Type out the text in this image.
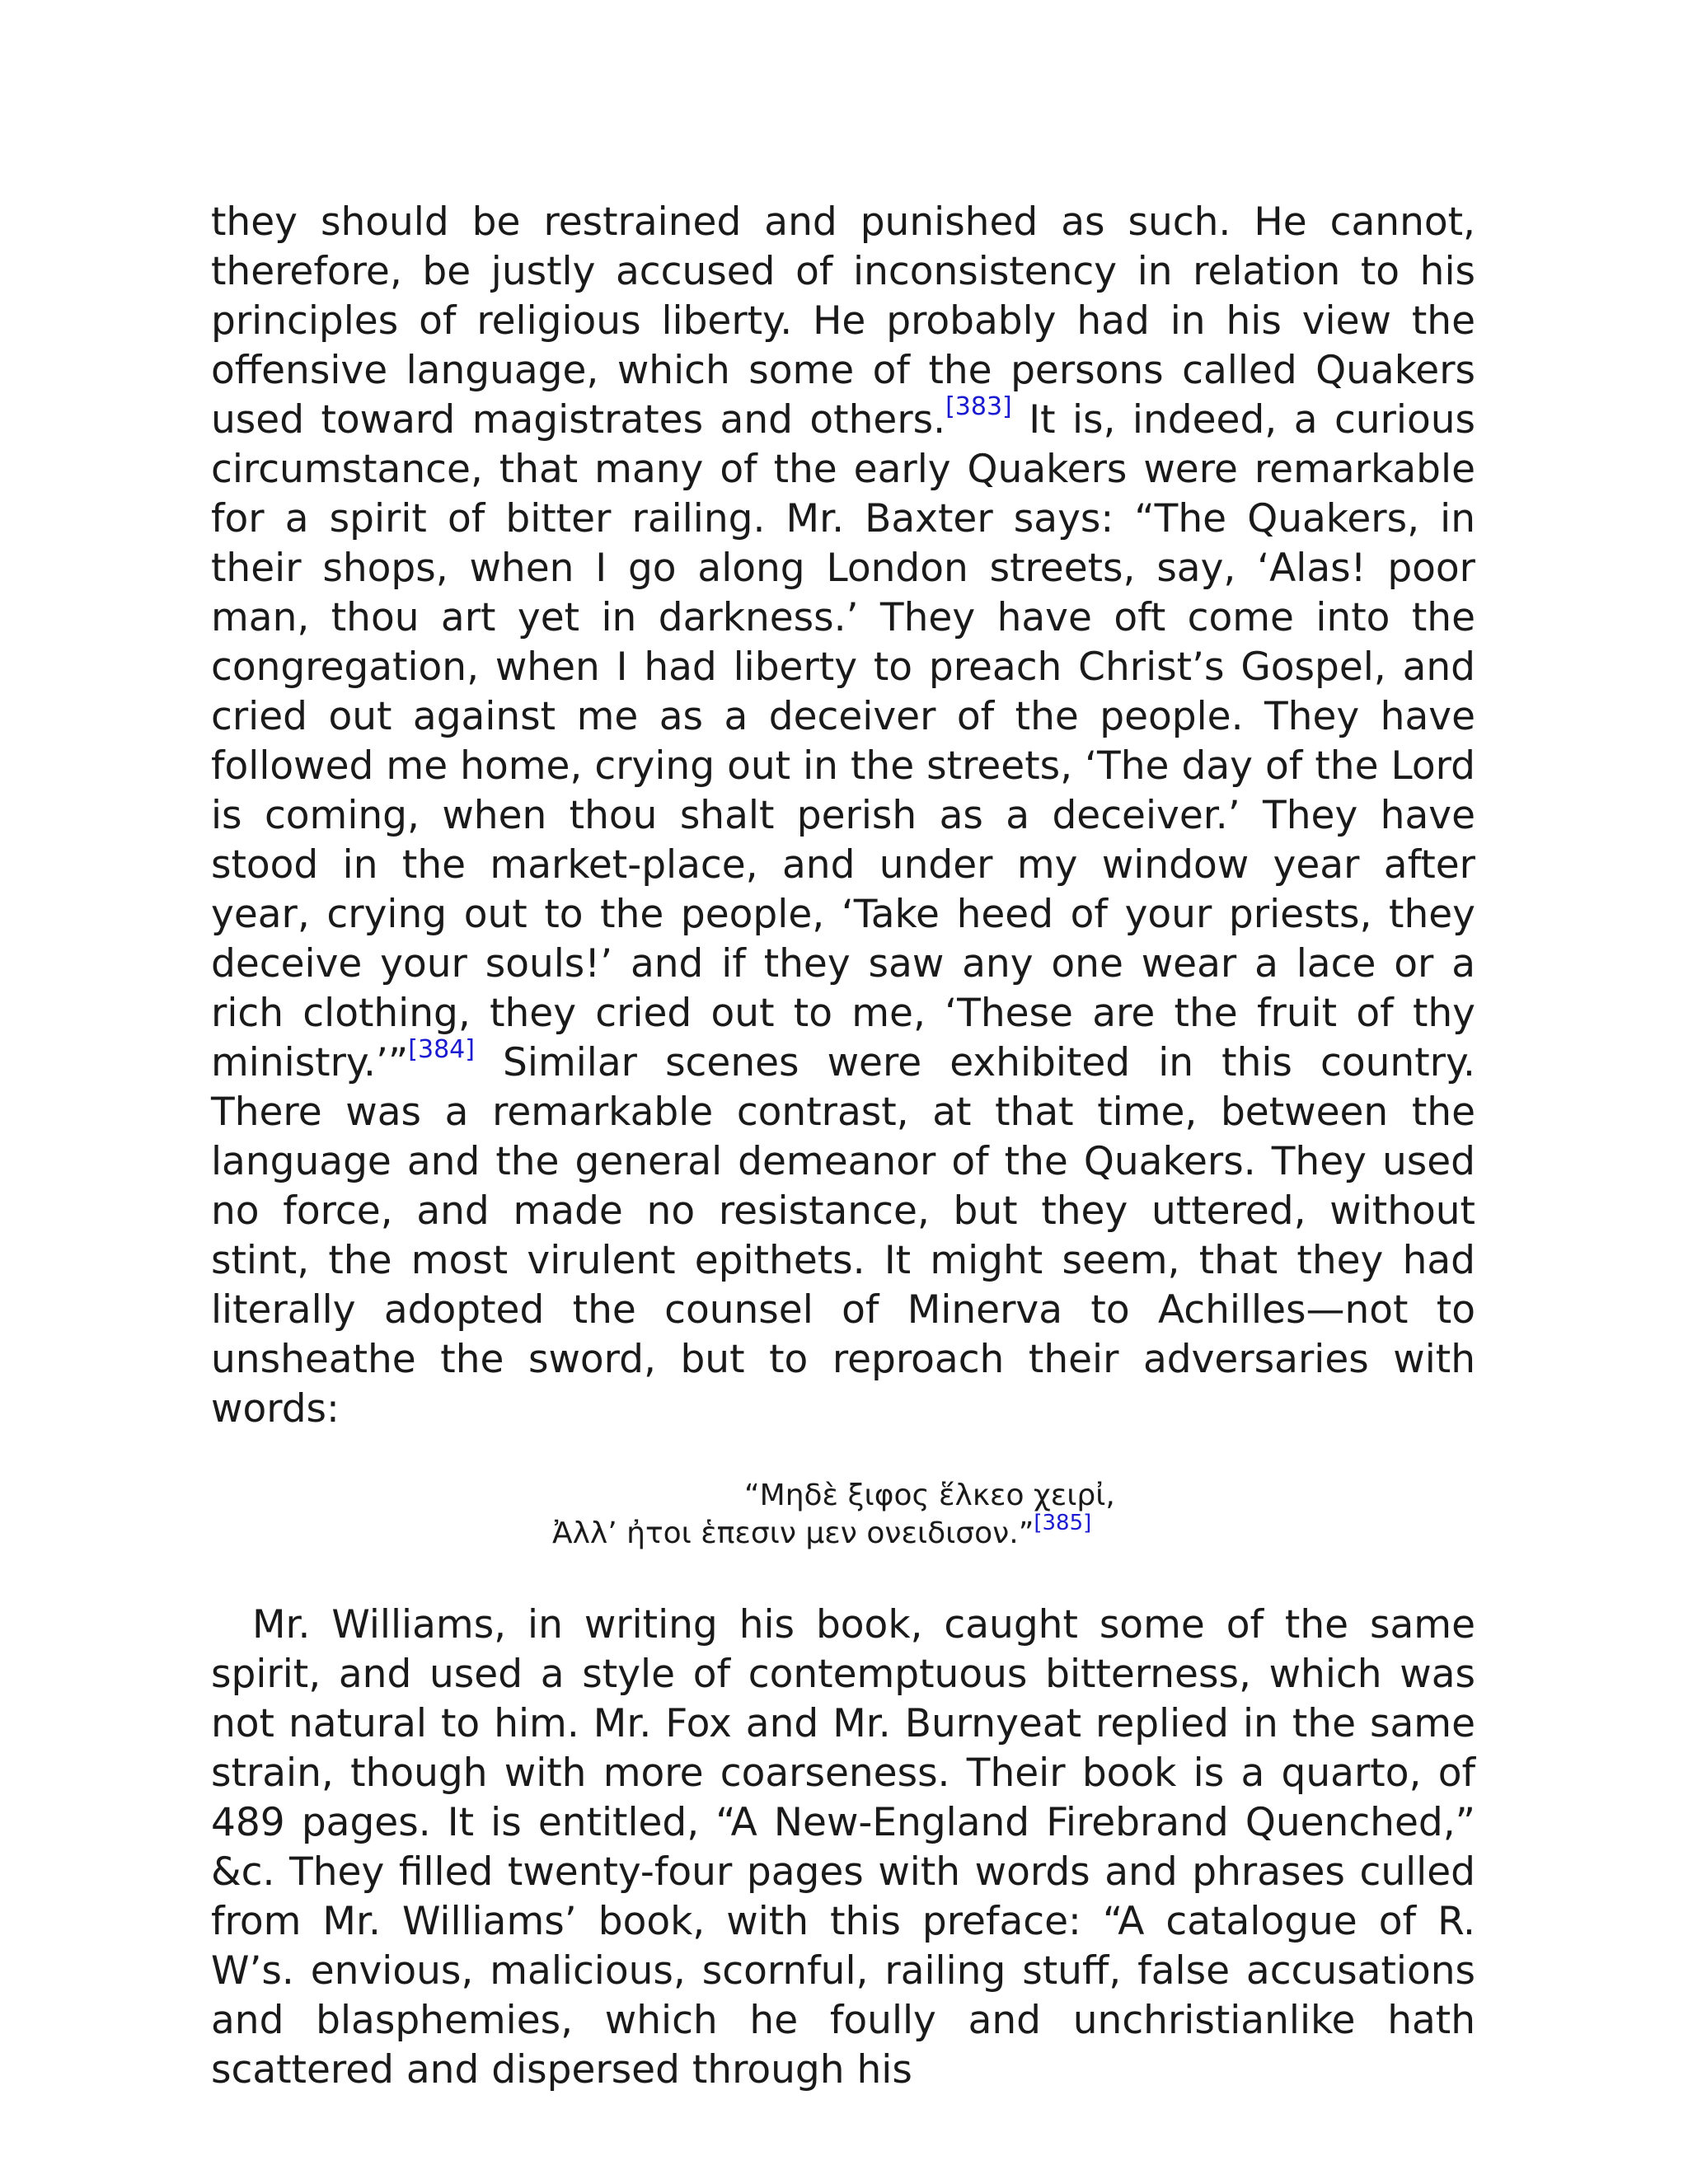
they should be restrained and punished as such. He cannot, therefore, be justly accused of inconsistency in relation to his principles of religious liberty. He probably had in his view the offensive language, which some of the persons called Quakers used toward magistrates and others.[383] It is, indeed, a curious circumstance, that many of the early Quakers were remarkable for a spirit of bitter railing. Mr. Baxter says: “The Quakers, in their shops, when I go along London streets, say, ‘Alas! poor man, thou art yet in darkness.’ They have oft come into the congregation, when I had liberty to preach Christ’s Gospel, and cried out against me as a deceiver of the people. They have followed me home, crying out in the streets, ‘The day of the Lord is coming, when thou shalt perish as a deceiver.’ They have stood in the market-place, and under my window year after year, crying out to the people, ‘Take heed of your priests, they deceive your souls!’ and if they saw any one wear a lace or a rich clothing, they cried out to me, ‘These are the fruit of thy ministry.’”[384] Similar scenes were exhibited in this country. There was a remarkable contrast, at that time, between the language and the general demeanor of the Quakers. They used no force, and made no resistance, but they uttered, without stint, the most virulent epithets. It might seem, that they had literally adopted the counsel of Minerva to Achilles—not to unsheathe the sword, but to reproach their adversaries with words:

“Μηδὲ ξιφος ἕλκεο χειρἰ,
Ἀλλ’ ἠτοι ἑπεσιν μεν ονειδισον.”[385]

Mr. Williams, in writing his book, caught some of the same spirit, and used a style of contemptuous bitterness, which was not natural to him. Mr. Fox and Mr. Burnyeat replied in the same strain, though with more coarseness. Their book is a quarto, of 489 pages. It is entitled, “A New-England Firebrand Quenched,” &c. They filled twenty-four pages with words and phrases culled from Mr. Williams’ book, with this preface: “A catalogue of R. W’s. envious, malicious, scornful, railing stuff, false accusations and blasphemies, which he foully and unchristianlike hath scattered and dispersed through his
